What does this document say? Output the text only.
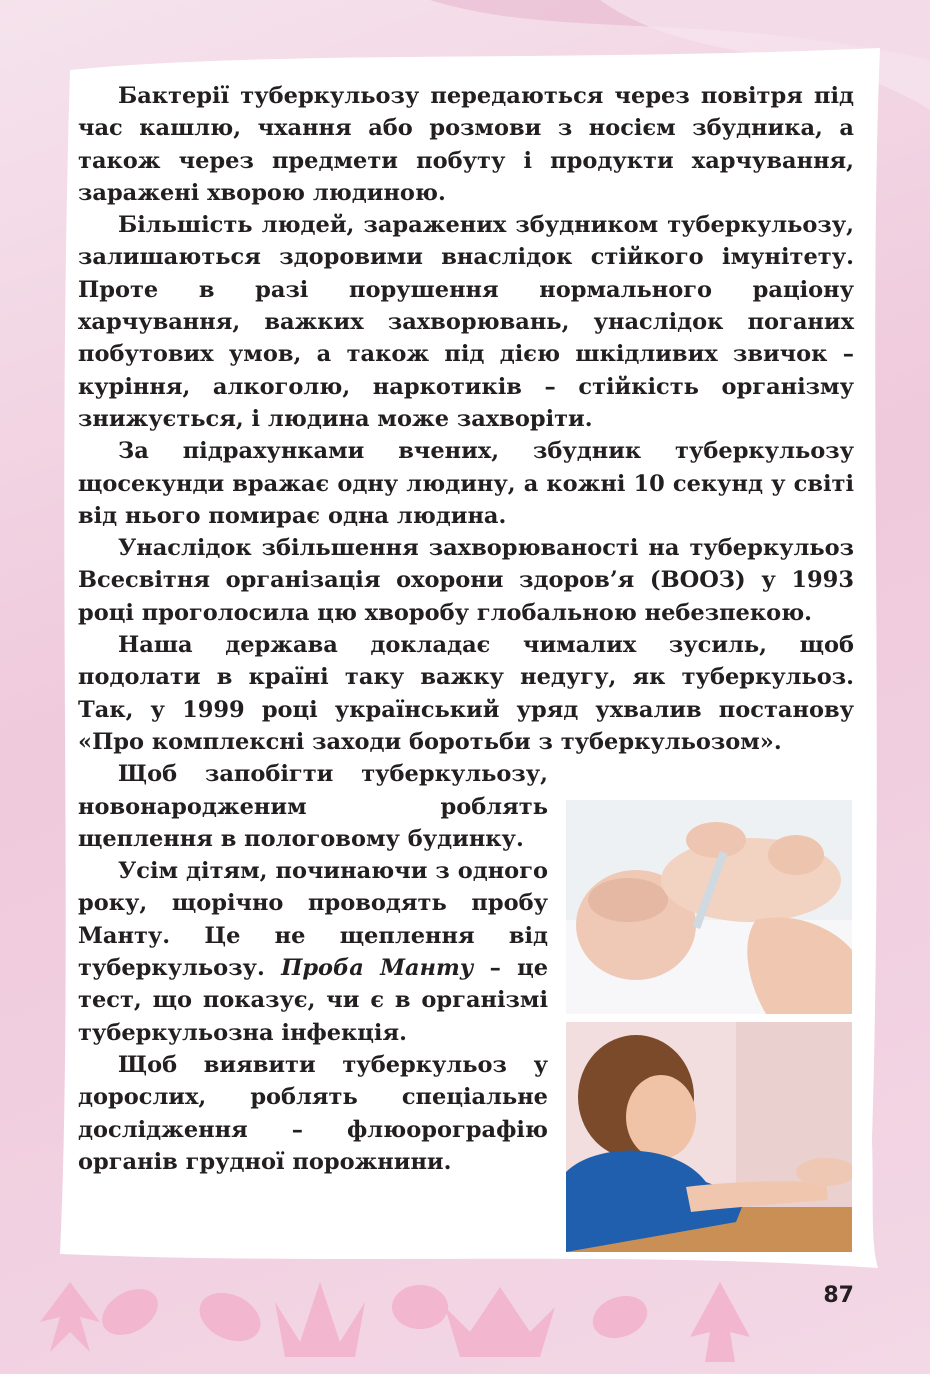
Бактерії туберкульозу передаються через повітря під час кашлю, чхання або розмови з носієм збудника, а також через предмети побуту і продукти харчування, заражені хворою людиною.

Більшість людей, заражених збудником туберкульозу, залишаються здоровими внаслідок стійкого імунітету. Проте в разі порушення нормального раціону харчування, важких захворювань, унаслідок поганих побутових умов, а також під дією шкідливих звичок – куріння, алкоголю, наркотиків – стійкість організму знижується, і людина може захворіти.

За підрахунками вчених, збудник туберкульозу щосекунди вражає одну людину, а кожні 10 секунд у світі від нього помирає одна людина.

Унаслідок збільшення захворюваності на туберкульоз Всесвітня організація охорони здоров’я (ВООЗ) у 1993 році проголосила цю хворобу глобальною небезпекою.

Наша держава докладає чималих зусиль, щоб подолати в країні таку важку недугу, як туберкульоз. Так, у 1999 році український уряд ухвалив постанову «Про комплексні заходи боротьби з туберкульозом».

Щоб запобігти туберкульозу, новонародженим роблять щеплення в пологовому будинку.

Усім дітям, починаючи з одного року, щорічно проводять пробу Манту. Це не щеплення від туберкульозу. Проба Манту – це тест, що показує, чи є в організмі туберкульозна інфекція.

Щоб виявити туберкульоз у дорослих, роблять спеціальне дослідження – флюорографію органів грудної порожнини.

87
